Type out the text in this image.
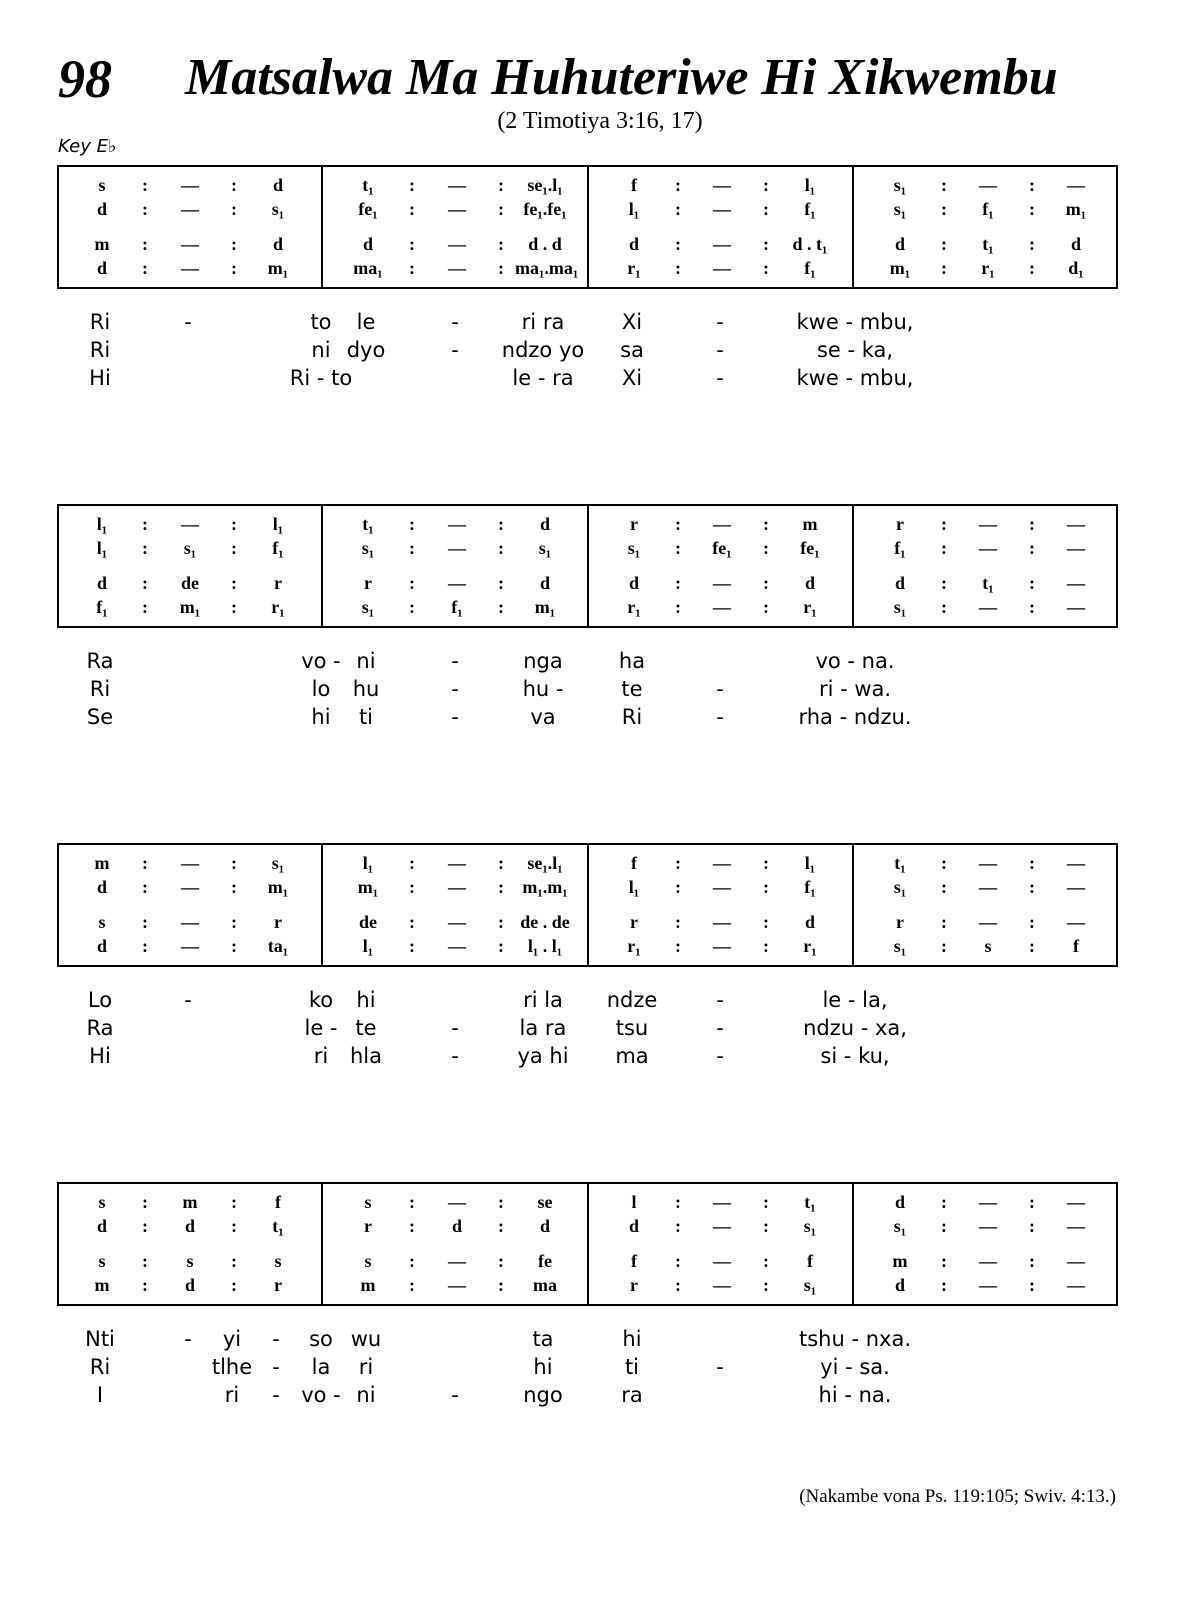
98 Matsalwa Ma Huhuteriwe Hi Xikwembu
(2 Timotiya 3:16, 17)
Key E♭
s	:	—	:	d	t₁	:	—	:	se₁.l₁	f	:	—	:	l₁	s₁	:	—	:	—
d	:	—	:	s₁	fe₁	:	—	:	fe₁.fe₁	l₁	:	—	:	f₁	s₁	:	f₁	:	m₁
m	:	—	:	d	d	:	—	:	d . d	d	:	—	:	d . t₁	d	:	t₁	:	d
d	:	—	:	m₁	ma₁	:	—	: ma₁.ma₁	r₁	:	—	:	f₁	m₁	:	r₁	:	d₁
Ri	-	to	le	-	ri ra	Xi	-	kwe - mbu,
Ri	ni dyo	-	ndzo yo	sa	-	se - ka,
Hi	Ri - to	le - ra	Xi	-	kwe - mbu,
l₁	:	—	:	l₁	t₁	:	—	:	d	r	:	—	:	m	r	:	—	:	—
l₁	:	s₁	:	f₁	s₁	:	—	:	s₁	s₁	:	fe₁	:	fe₁	f₁	:	—	:	—
d	:	de	:	r	r	:	—	:	d	d	:	—	:	d	d	:	t₁	:	—
f₁	:	m₁	:	r₁	s₁	:	f₁	:	m₁	r₁	:	—	:	r₁	s₁	:	—	:	—
Ra	vo - ni	-	nga	ha	vo - na.
Ri	lo	hu	-	hu -	te	-	ri - wa.
Se	hi	ti	-	va	Ri	-	rha - ndzu.
m	:	—	:	s₁	l₁	:	—	:	se₁.l₁	f	:	—	:	l₁	t₁	:	—	:	—
d	:	—	:	m₁	m₁	:	—	:	m₁.m₁	l₁	:	—	:	f₁	s₁	:	—	:	—
s	:	—	:	r	de	:	—	: de . de	r	:	—	:	d	r	:	—	:	—
d	:	—	:	ta₁	l₁	:	—	:	l₁ . l₁	r₁	:	—	:	r₁	s₁	:	s	:	f
Lo	-	ko	hi	ri la	ndze	-	le - la,
Ra	le - te	-	la ra	tsu	-	ndzu - xa,
Hi	ri	hla	-	ya hi	ma	-	si - ku,
s	:	m	:	f	s	:	—	:	se	l	:	—	:	t₁	d	:	—	:	—
d	:	d	:	t₁	r	:	d	:	d	d	:	—	:	s₁	s₁	:	—	:	—
s	:	s	:	s	s	:	—	:	fe	f	:	—	:	f	m	:	—	:	—
m	:	d	:	r	m	:	—	:	ma	r	:	—	:	s₁	d	:	—	:	—
Nti	-	yi	-	so wu	ta	hi	tshu - nxa.
Ri	tlhe -	la	ri	hi	ti	-	yi - sa.
I	ri	-	vo - ni	-	ngo	ra	hi - na.
(Nakambe vona Ps. 119:105; Swiv. 4:13.)
